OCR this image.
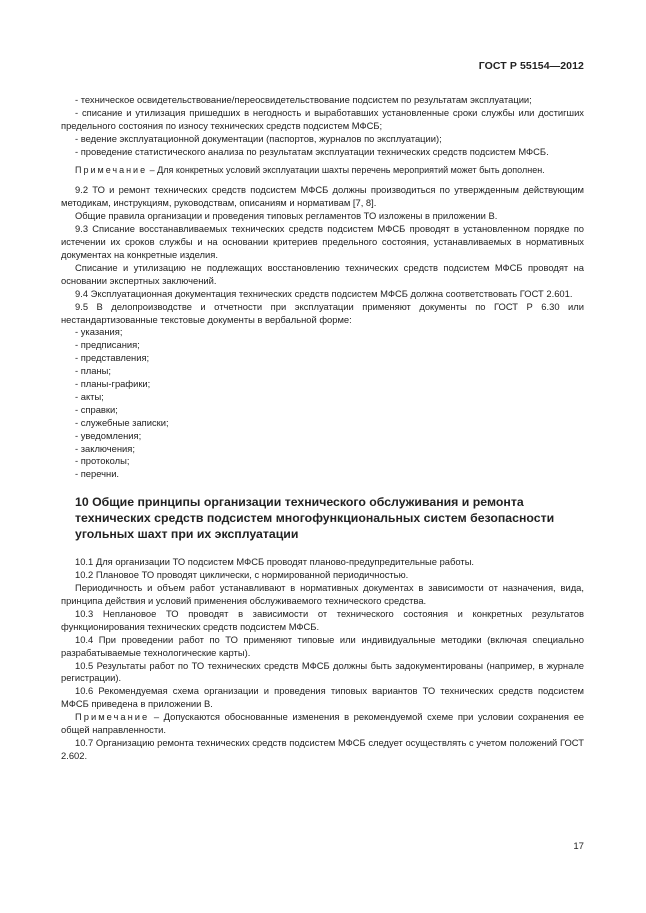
ГОСТ Р 55154—2012

- техническое освидетельствование/переосвидетельствование подсистем по результатам эксплуатации;

- списание и утилизация пришедших в негодность и выработавших установленные сроки службы или достигших предельного состояния по износу технических средств подсистем МФСБ;

- ведение эксплуатационной документации (паспортов, журналов по эксплуатации);

- проведение статистического анализа по результатам эксплуатации технических средств подсистем МФСБ.

Примечание – Для конкретных условий эксплуатации шахты перечень мероприятий может быть дополнен.

9.2 ТО и ремонт технических средств подсистем МФСБ должны производиться по утвержденным действующим методикам, инструкциям, руководствам, описаниям и нормативам [7, 8].

Общие правила организации и проведения типовых регламентов ТО изложены в приложении В.

9.3 Списание восстанавливаемых технических средств подсистем МФСБ проводят в установленном порядке по истечении их сроков службы и на основании критериев предельного состояния, устанавливаемых в нормативных документах на конкретные изделия.

Списание и утилизацию не подлежащих восстановлению технических средств подсистем МФСБ проводят на основании экспертных заключений.

9.4 Эксплуатационная документация технических средств подсистем МФСБ должна соответствовать ГОСТ 2.601.

9.5 В делопроизводстве и отчетности при эксплуатации применяют документы по ГОСТ Р 6.30 или нестандартизованные текстовые документы в вербальной форме:

- указания;

- предписания;

- представления;

- планы;

- планы-графики;

- акты;

- справки;

- служебные записки;

- уведомления;

- заключения;

- протоколы;

- перечни.

10 Общие принципы организации технического обслуживания и ремонта технических средств подсистем многофункциональных систем безопасности угольных шахт при их эксплуатации

10.1 Для организации ТО подсистем МФСБ проводят планово-предупредительные работы.

10.2 Плановое ТО проводят циклически, с нормированной периодичностью.

Периодичность и объем работ устанавливают в нормативных документах в зависимости от назначения, вида, принципа действия и условий применения обслуживаемого технического средства.

10.3 Неплановое ТО проводят в зависимости от технического состояния и конкретных результатов функционирования технических средств подсистем МФСБ.

10.4 При проведении работ по ТО применяют типовые или индивидуальные методики (включая специально разрабатываемые технологические карты).

10.5 Результаты работ по ТО технических средств МФСБ должны быть задокументированы (например, в журнале регистрации).

10.6 Рекомендуемая схема организации и проведения типовых вариантов ТО технических средств подсистем МФСБ приведена в приложении В.

Примечание – Допускаются обоснованные изменения в рекомендуемой схеме при условии сохранения ее общей направленности.

10.7 Организацию ремонта технических средств подсистем МФСБ следует осуществлять с учетом положений ГОСТ 2.602.

17
